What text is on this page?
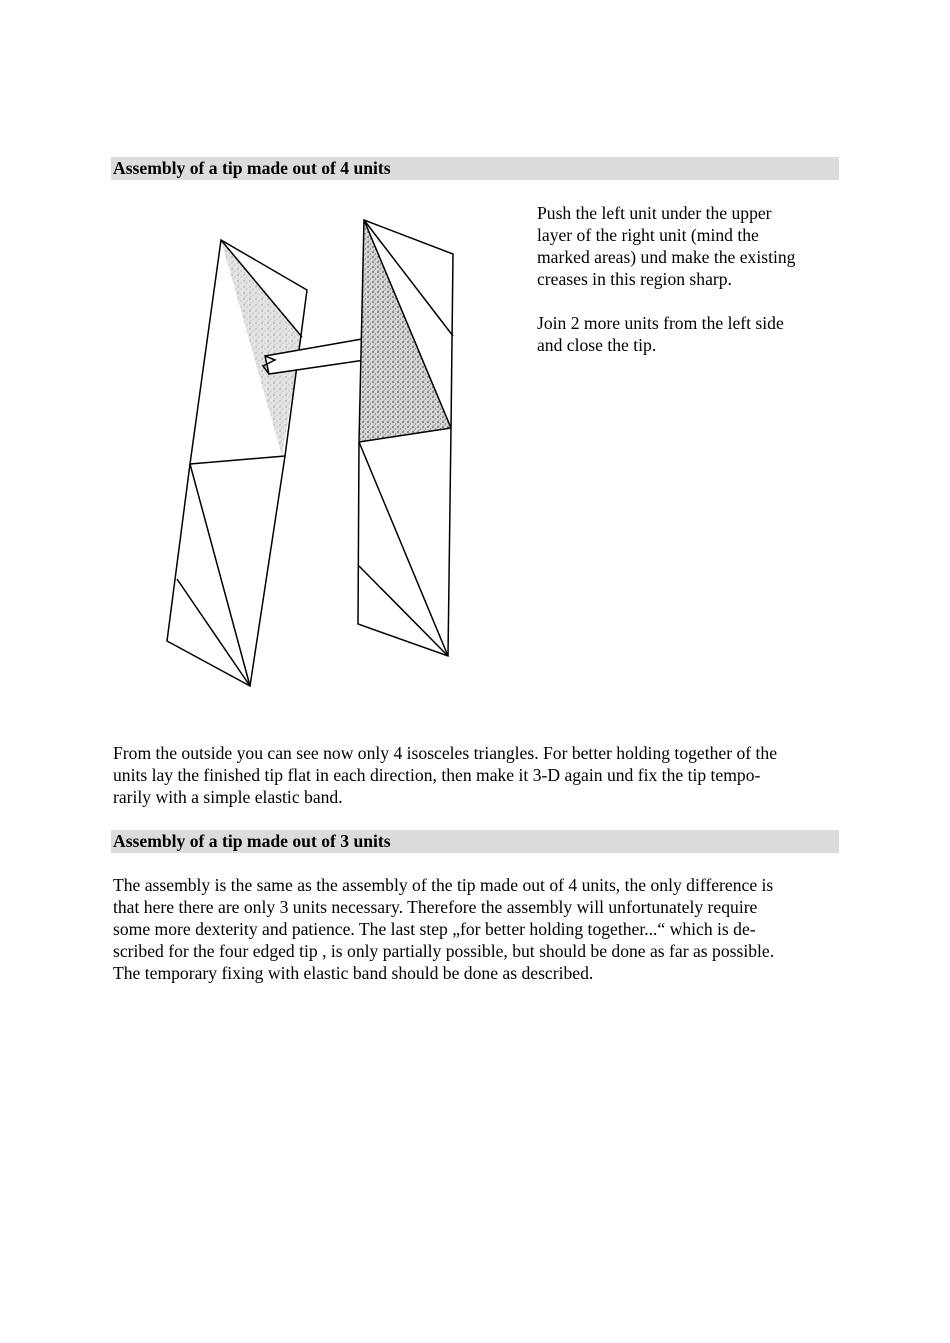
Assembly of a tip made out of 4 units

Push the left unit under the upper
layer of the right unit (mind the
marked areas) und make the existing
creases in this region sharp.

Join 2 more units from the left side
and close the tip.

From the outside you can see now only 4 isosceles triangles. For better holding together of the
units lay the finished tip flat in each direction, then make it 3-D again und fix the tip tempo-
rarily with a simple elastic band.

Assembly of a tip made out of 3 units

The assembly is the same as the assembly of the tip made out of 4 units, the only difference is
that here there are only 3 units necessary. Therefore the assembly will unfortunately require
some more dexterity and patience. The last step „for better holding together...“ which is de-
scribed for the four edged tip , is only partially possible, but should be done as far as possible.
The temporary fixing with elastic band should be done as described.
